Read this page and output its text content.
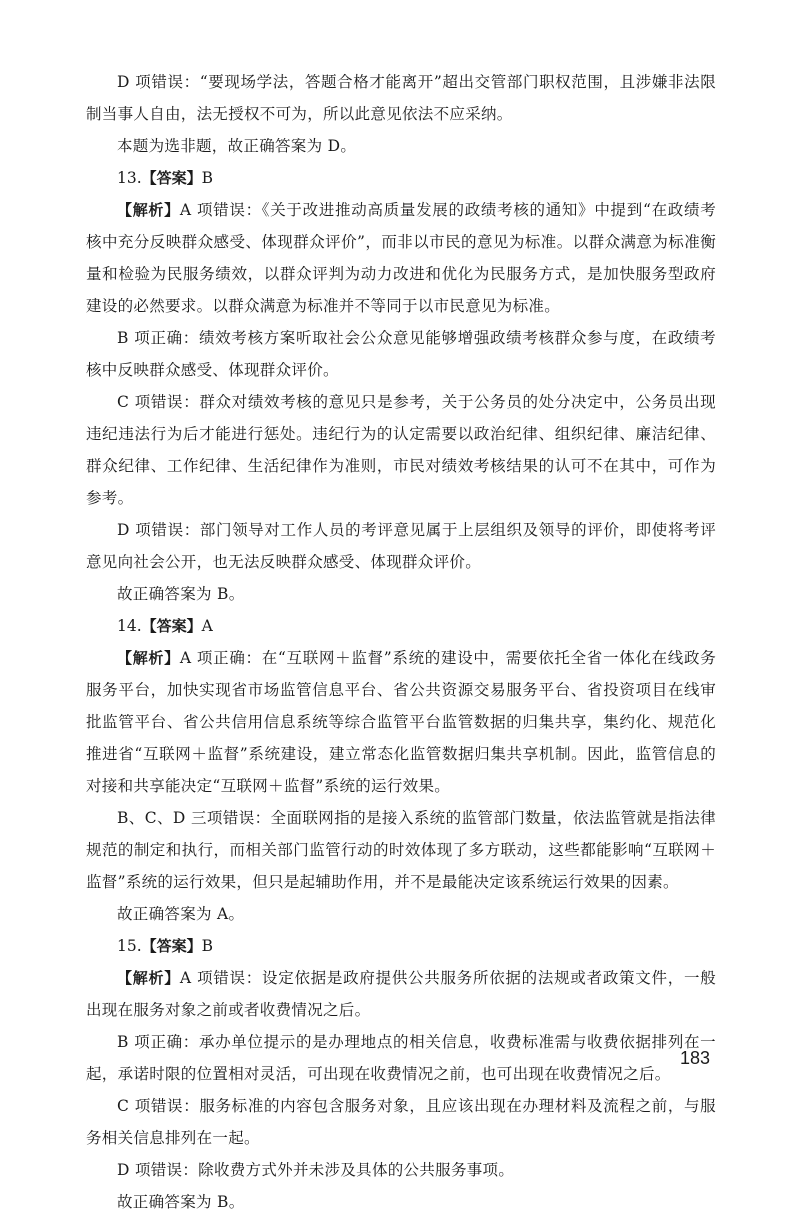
D 项错误：“要现场学法，答题合格才能离开”超出交管部门职权范围，且涉嫌非法限制当事人自由，法无授权不可为，所以此意见依法不应采纳。

本题为选非题，故正确答案为 D。

13.【答案】B

【解析】A 项错误：《关于改进推动高质量发展的政绩考核的通知》中提到“在政绩考核中充分反映群众感受、体现群众评价”，而非以市民的意见为标准。以群众满意为标准衡量和检验为民服务绩效，以群众评判为动力改进和优化为民服务方式，是加快服务型政府建设的必然要求。以群众满意为标准并不等同于以市民意见为标准。

B 项正确：绩效考核方案听取社会公众意见能够增强政绩考核群众参与度，在政绩考核中反映群众感受、体现群众评价。

C 项错误：群众对绩效考核的意见只是参考，关于公务员的处分决定中，公务员出现违纪违法行为后才能进行惩处。违纪行为的认定需要以政治纪律、组织纪律、廉洁纪律、群众纪律、工作纪律、生活纪律作为准则，市民对绩效考核结果的认可不在其中，可作为参考。

D 项错误：部门领导对工作人员的考评意见属于上层组织及领导的评价，即使将考评意见向社会公开，也无法反映群众感受、体现群众评价。

故正确答案为 B。

14.【答案】A

【解析】A 项正确：在“互联网＋监督”系统的建设中，需要依托全省一体化在线政务服务平台，加快实现省市场监管信息平台、省公共资源交易服务平台、省投资项目在线审批监管平台、省公共信用信息系统等综合监管平台监管数据的归集共享，集约化、规范化推进省“互联网＋监督”系统建设，建立常态化监管数据归集共享机制。因此，监管信息的对接和共享能决定“互联网＋监督”系统的运行效果。

B、C、D 三项错误：全面联网指的是接入系统的监管部门数量，依法监管就是指法律规范的制定和执行，而相关部门监管行动的时效体现了多方联动，这些都能影响“互联网＋监督”系统的运行效果，但只是起辅助作用，并不是最能决定该系统运行效果的因素。

故正确答案为 A。

15.【答案】B

【解析】A 项错误：设定依据是政府提供公共服务所依据的法规或者政策文件，一般出现在服务对象之前或者收费情况之后。

B 项正确：承办单位提示的是办理地点的相关信息，收费标准需与收费依据排列在一起，承诺时限的位置相对灵活，可出现在收费情况之前，也可出现在收费情况之后。

C 项错误：服务标准的内容包含服务对象，且应该出现在办理材料及流程之前，与服务相关信息排列在一起。

D 项错误：除收费方式外并未涉及具体的公共服务事项。

故正确答案为 B。

183
